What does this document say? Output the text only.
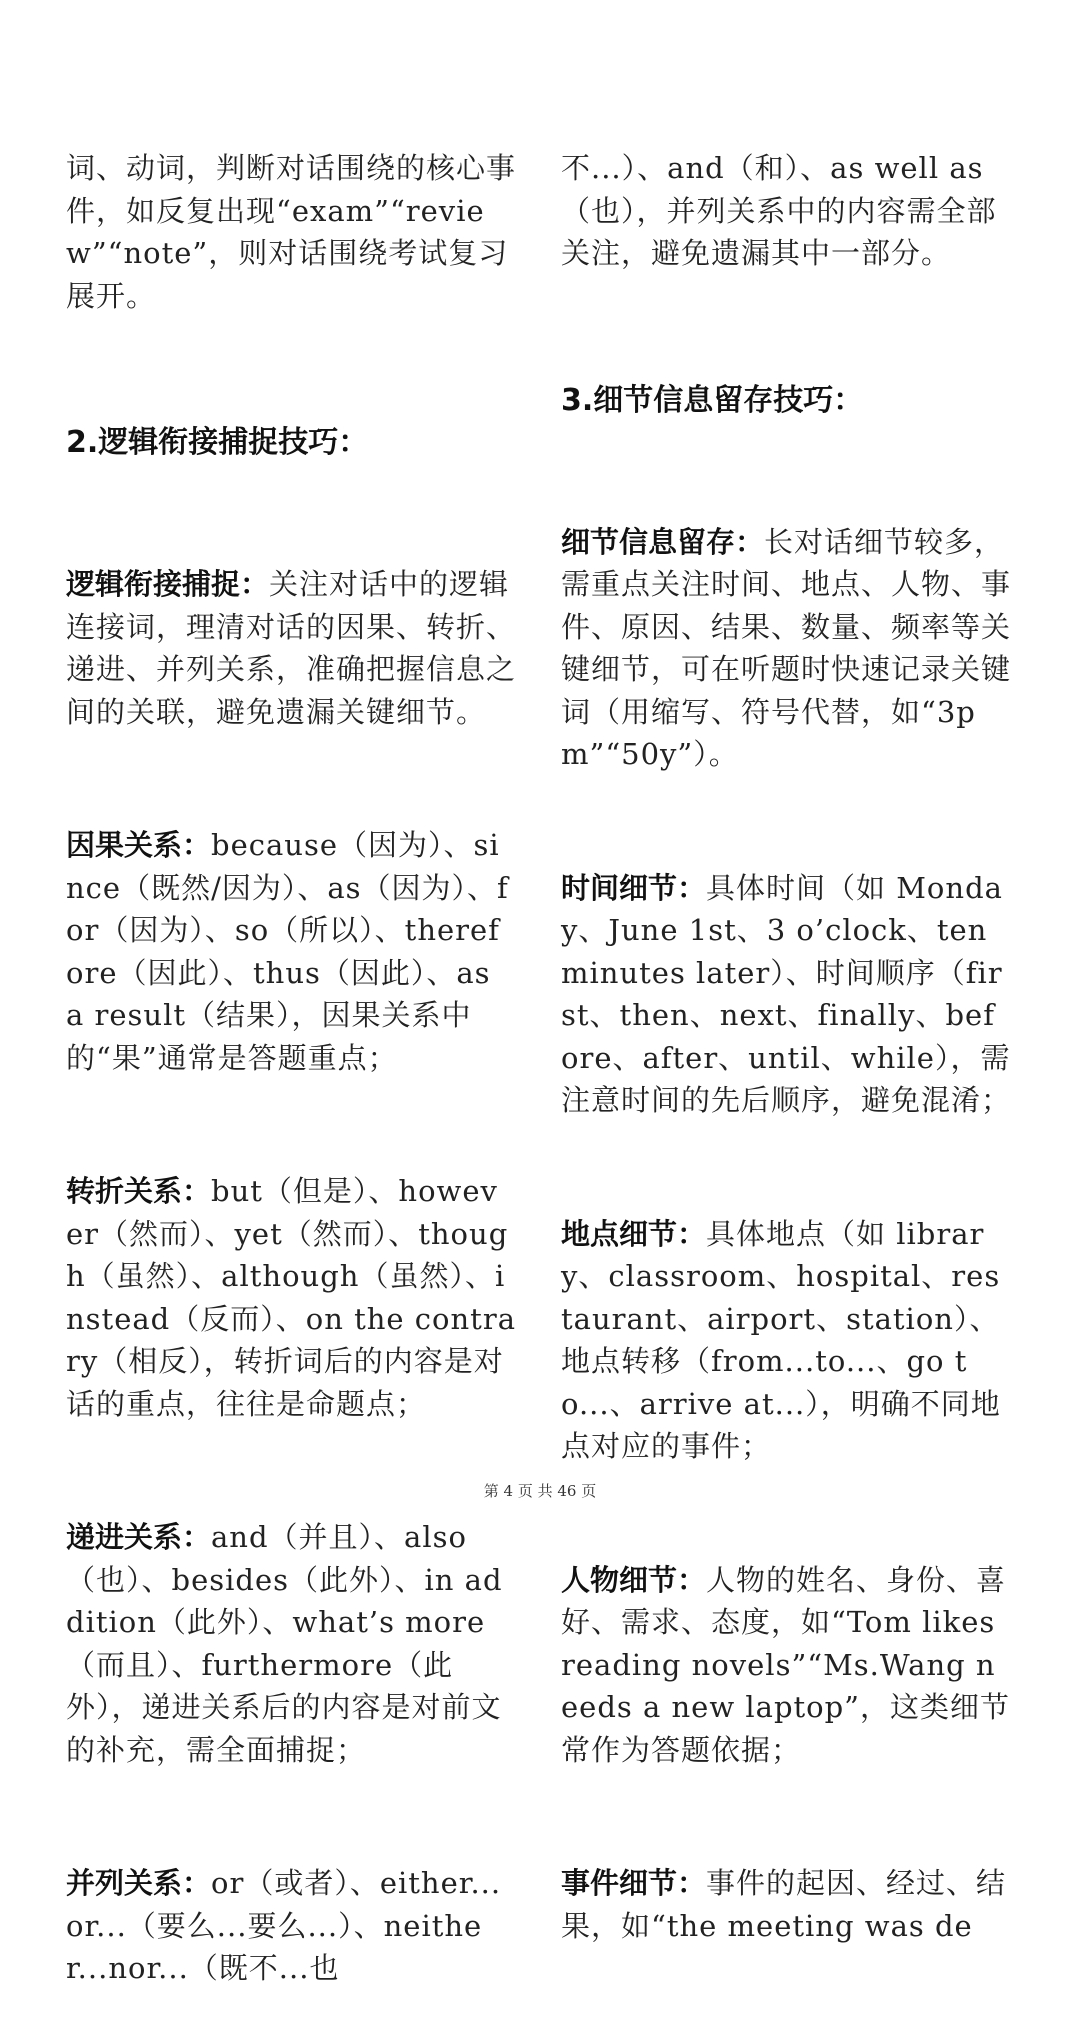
词、动词，判断对话围绕的核心事件，如反复出现“exam”“review”“note”，则对话围绕考试复习展开。

2.逻辑衔接捕捉技巧：

逻辑衔接捕捉：关注对话中的逻辑连接词，理清对话的因果、转折、递进、并列关系，准确把握信息之间的关联，避免遗漏关键细节。

因果关系：because（因为）、since（既然/因为）、as（因为）、for（因为）、so（所以）、therefore（因此）、thus（因此）、as a result（结果），因果关系中的“果”通常是答题重点；

转折关系：but（但是）、however（然而）、yet（然而）、though（虽然）、although（虽然）、instead（反而）、on the contrary（相反），转折词后的内容是对话的重点，往往是命题点；

递进关系：and（并且）、also（也）、besides（此外）、in addition（此外）、what’s more（而且）、furthermore（此外），递进关系后的内容是对前文的补充，需全面捕捉；

并列关系：or（或者）、either...or...（要么...要么...）、neither...nor...（既不...也

不...）、and（和）、as well as（也），并列关系中的内容需全部关注，避免遗漏其中一部分。

3.细节信息留存技巧：

细节信息留存：长对话细节较多，需重点关注时间、地点、人物、事件、原因、结果、数量、频率等关键细节，可在听题时快速记录关键词（用缩写、符号代替，如“3pm”“50y”）。

时间细节：具体时间（如 Monday、June 1st、3 o’clock、ten minutes later）、时间顺序（first、then、next、finally、before、after、until、while），需注意时间的先后顺序，避免混淆；

地点细节：具体地点（如 library、classroom、hospital、restaurant、airport、station）、地点转移（from...to...、go to...、arrive at...），明确不同地点对应的事件；

人物细节：人物的姓名、身份、喜好、需求、态度，如“Tom likes reading novels”“Ms.Wang needs a new laptop”，这类细节常作为答题依据；

事件细节：事件的起因、经过、结果，如“the meeting was de

第 4 页 共 46 页
